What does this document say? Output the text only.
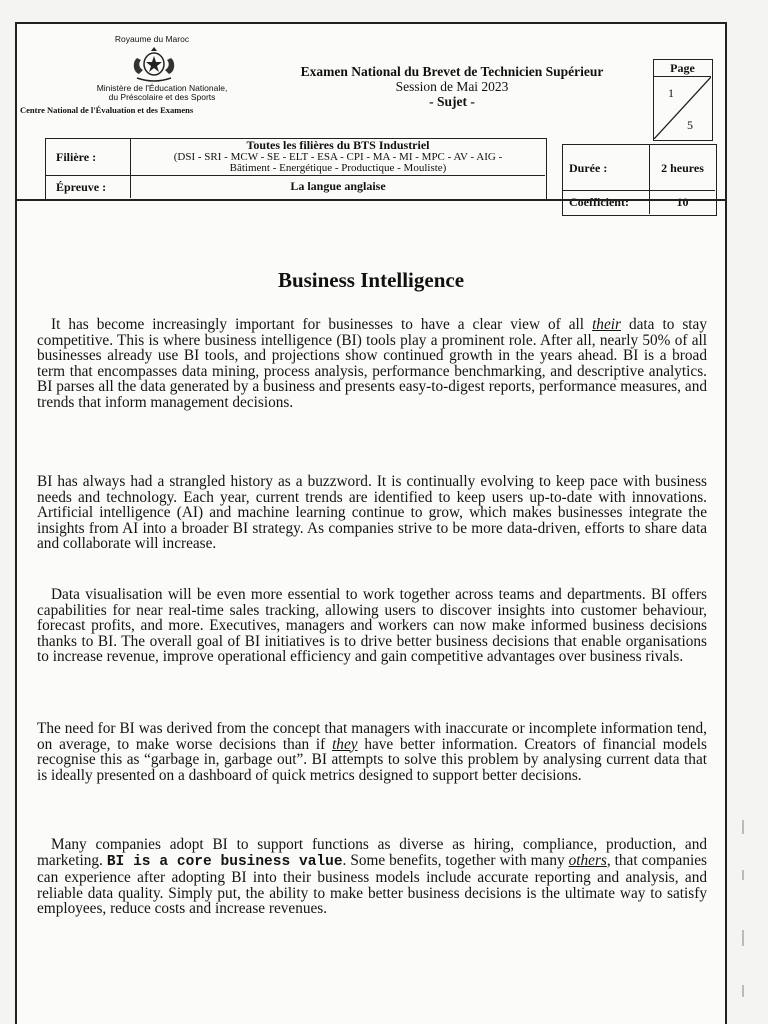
Royaume du Maroc
Ministère de l'Éducation Nationale,
du Préscolaire et des Sports
Centre National de l'Évaluation et des Examens
Examen National du Brevet de Technicien Supérieur
Session de Mai 2023
- Sujet -
Page
1
5
Filière :
Toutes les filières du BTS Industriel
(DSI - SRI - MCW - SE - ELT - ESA - CPI - MA - MI - MPC - AV - AIG -
Bâtiment - Energétique - Productique - Mouliste)
Épreuve :	La langue anglaise
Durée :	2 heures
Coefficient:	10
Business Intelligence

It has become increasingly important for businesses to have a clear view of all their data to stay competitive. This is where business intelligence (BI) tools play a prominent role. After all, nearly 50% of all businesses already use BI tools, and projections show continued growth in the years ahead. BI is a broad term that encompasses data mining, process analysis, performance benchmarking, and descriptive analytics. BI parses all the data generated by a business and presents easy-to-digest reports, performance measures, and trends that inform management decisions.

BI has always had a strangled history as a buzzword. It is continually evolving to keep pace with business needs and technology. Each year, current trends are identified to keep users up-to-date with innovations. Artificial intelligence (AI) and machine learning continue to grow, which makes businesses integrate the insights from AI into a broader BI strategy. As companies strive to be more data-driven, efforts to share data and collaborate will increase.

Data visualisation will be even more essential to work together across teams and departments. BI offers capabilities for near real-time sales tracking, allowing users to discover insights into customer behaviour, forecast profits, and more. Executives, managers and workers can now make informed business decisions thanks to BI. The overall goal of BI initiatives is to drive better business decisions that enable organisations to increase revenue, improve operational efficiency and gain competitive advantages over business rivals.

The need for BI was derived from the concept that managers with inaccurate or incomplete information tend, on average, to make worse decisions than if they have better information. Creators of financial models recognise this as “garbage in, garbage out”. BI attempts to solve this problem by analysing current data that is ideally presented on a dashboard of quick metrics designed to support better decisions.

Many companies adopt BI to support functions as diverse as hiring, compliance, production, and marketing. BI is a core business value. Some benefits, together with many others, that companies can experience after adopting BI into their business models include accurate reporting and analysis, and reliable data quality. Simply put, the ability to make better business decisions is the ultimate way to satisfy employees, reduce costs and increase revenues.
